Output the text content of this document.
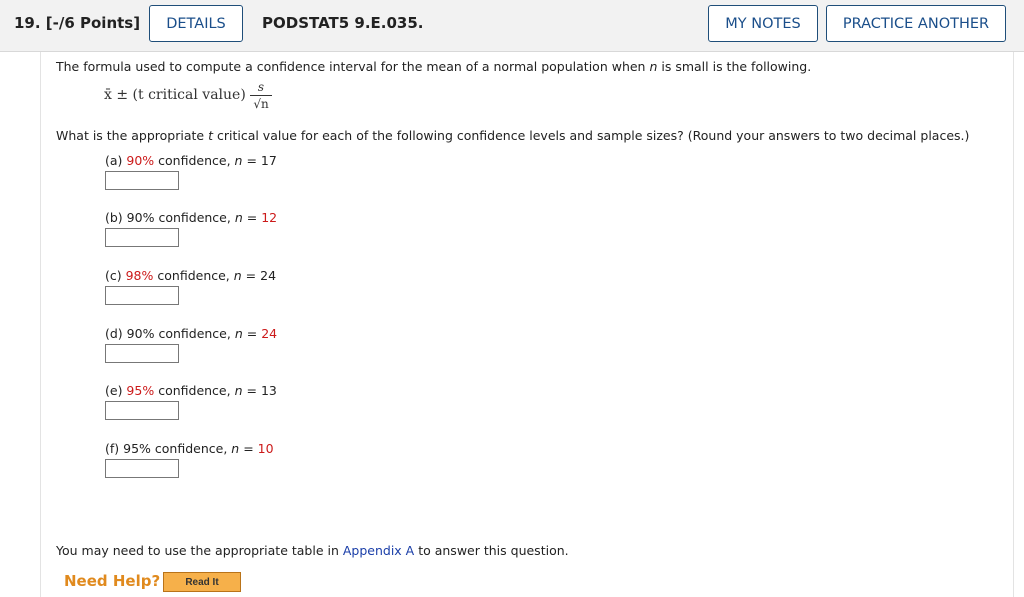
19. [-/6 Points]	DETAILS	PODSTAT5 9.E.035.	MY NOTES	PRACTICE ANOTHER
The formula used to compute a confidence interval for the mean of a normal population when n is small is the following.
x̄ ± (t critical value)	s
√n
What is the appropriate t critical value for each of the following confidence levels and sample sizes? (Round your answers to two decimal places.)
(a) 90% confidence, n = 17
(b) 90% confidence, n = 12
(c) 98% confidence, n = 24
(d) 90% confidence, n = 24
(e) 95% confidence, n = 13
(f) 95% confidence, n = 10
You may need to use the appropriate table in Appendix A to answer this question.
Need Help?	Read It
